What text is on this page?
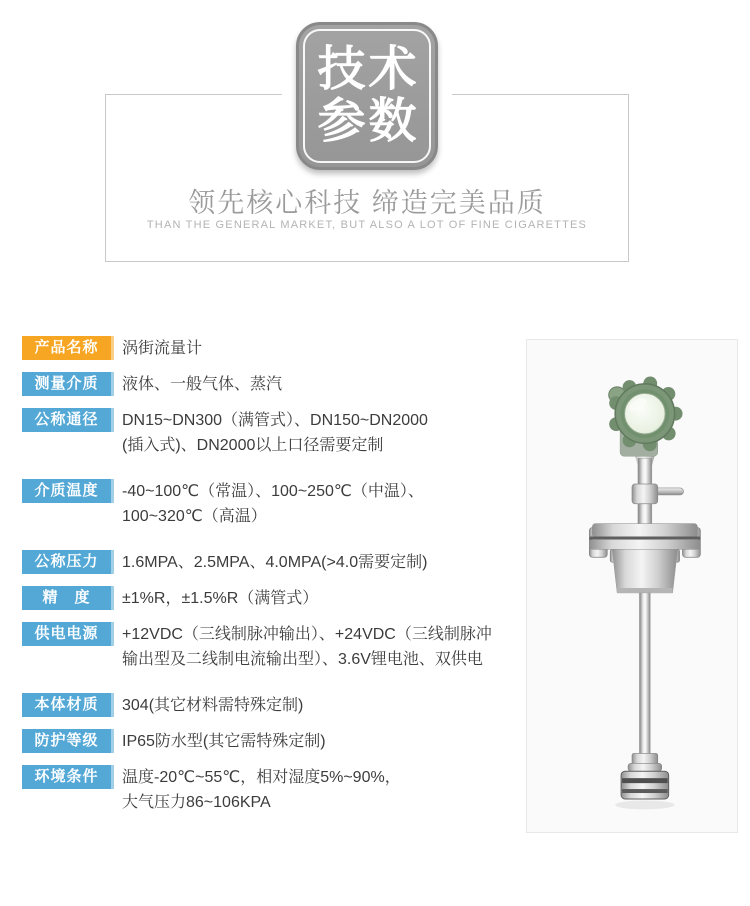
技术
参数
领先核心科技 缔造完美品质
THAN THE GENERAL MARKET, BUT ALSO A LOT OF FINE CIGARETTES
产品名称	涡街流量计
测量介质	液体、一般气体、蒸汽
公称通径	DN15~DN300（满管式）、DN150~DN2000
(插入式)、DN2000以上口径需要定制
介质温度	-40~100℃（常温）、100~250℃（中温）、
100~320℃（高温）
公称压力	1.6MPA、2.5MPA、4.0MPA(>4.0需要定制)
精　度	±1%R，±1.5%R（满管式）
供电电源	+12VDC（三线制脉冲输出）、+24VDC（三线制脉冲
输出型及二线制电流输出型）、3.6V锂电池、双供电
本体材质	304(其它材料需特殊定制)
防护等级	IP65防水型(其它需特殊定制)
环境条件	温度-20℃~55℃，相对湿度5%~90%，
大气压力86~106KPA
